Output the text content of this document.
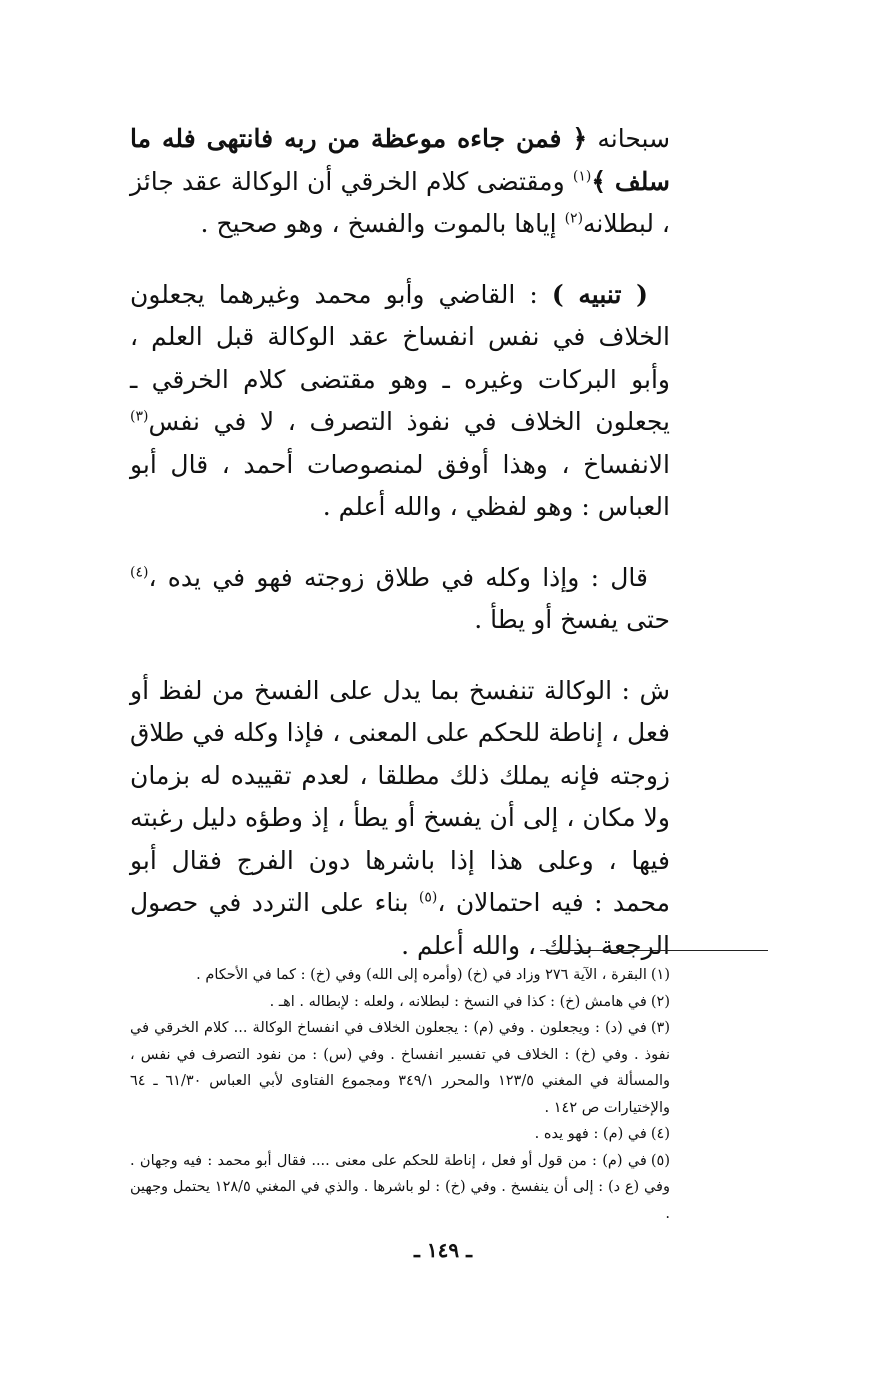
سبحانه ﴿ فمن جاءه موعظة من ربه فانتهى فله ما سلف ﴾$^{(١)}$ ومقتضى كلام الخرقي أن الوكالة عقد جائز ، لبطلانه$^{(٢)}$ إياها بالموت والفسخ ، وهو صحيح .

( تنبيه ) : القاضي وأبو محمد وغيرهما يجعلون الخلاف في نفس انفساخ عقد الوكالة قبل العلم ، وأبو البركات وغيره ـ وهو مقتضى كلام الخرقي ـ يجعلون الخلاف في نفوذ التصرف ، لا في نفس$^{(٣)}$ الانفساخ ، وهذا أوفق لمنصوصات أحمد ، قال أبو العباس : وهو لفظي ، والله أعلم .

قال : وإذا وكله في طلاق زوجته فهو في يده ،$^{(٤)}$ حتى يفسخ أو يطأ .

ش : الوكالة تنفسخ بما يدل على الفسخ من لفظ أو فعل ، إناطة للحكم على المعنى ، فإذا وكله في طلاق زوجته فإنه يملك ذلك مطلقا ، لعدم تقييده له بزمان ولا مكان ، إلى أن يفسخ أو يطأ ، إذ وطؤه دليل رغبته فيها ، وعلى هذا إذا باشرها دون الفرج فقال أبو محمد : فيه احتمالان ،$^{(٥)}$ بناء على التردد في حصول الرجعة بذلك ، والله أعلم .

(١)البقرة ، الآية ٢٧٦ وزاد في (خ) (وأمره إلى الله) وفي (خ) : كما في الأحكام .

(٢)في هامش (خ) : كذا في النسخ : لبطلانه ، ولعله : لإبطاله . اهـ .

(٣)في (د) : ويجعلون . وفي (م) : يجعلون الخلاف في انفساخ الوكالة ... كلام الخرقي في نفوذ . وفي (خ) : الخلاف في تفسير انفساخ . وفي (س) : من نفود التصرف في نفس ، والمسألة في المغني ١٢٣/٥ والمحرر ٣٤٩/١ ومجموع الفتاوى لأبي العباس ٦١/٣٠ ـ ٦٤ والإختيارات ص ١٤٢ .

(٤)في (م) : فهو يده .

(٥)في (م) : من قول أو فعل ، إناطة للحكم على معنى .... فقال أبو محمد : فيه وجهان . وفي (ع د) : إلى أن ينفسخ . وفي (خ) : لو باشرها . والذي في المغني ١٢٨/٥ يحتمل وجهين .

ـ ١٤٩ ـ
